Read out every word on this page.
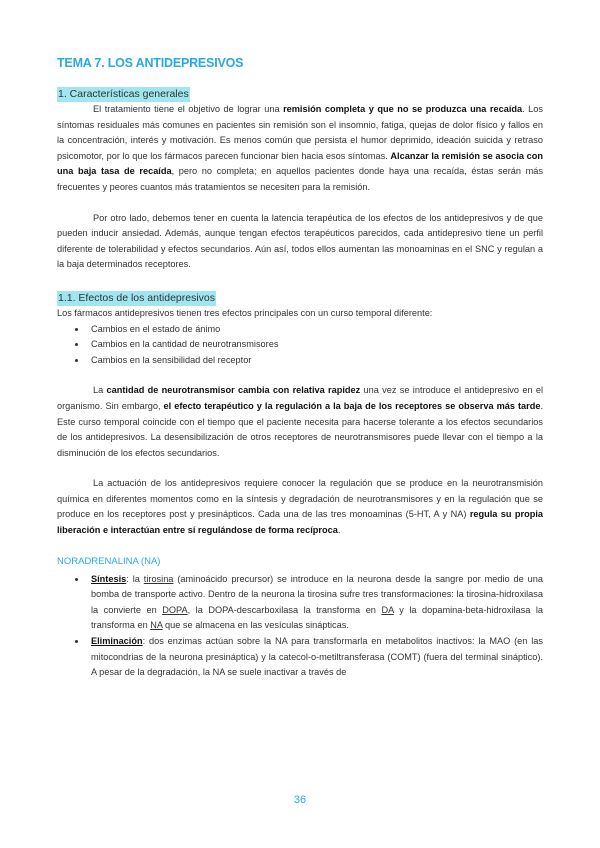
TEMA 7. LOS ANTIDEPRESIVOS
1. Características generales

El tratamiento tiene el objetivo de lograr una remisión completa y que no se produzca una recaída. Los síntomas residuales más comunes en pacientes sin remisión son el insomnio, fatiga, quejas de dolor físico y fallos en la concentración, interés y motivación. Es menos común que persista el humor deprimido, ideación suicida y retraso psicomotor, por lo que los fármacos parecen funcionar bien hacia esos síntomas. Alcanzar la remisión se asocia con una baja tasa de recaída, pero no completa; en aquellos pacientes donde haya una recaída, éstas serán más frecuentes y peores cuantos más tratamientos se necesiten para la remisión.

Por otro lado, debemos tener en cuenta la latencia terapéutica de los efectos de los antidepresivos y de que pueden inducir ansiedad. Además, aunque tengan efectos terapéuticos parecidos, cada antidepresivo tiene un perfil diferente de tolerabilidad y efectos secundarios. Aún así, todos ellos aumentan las monoaminas en el SNC y regulan a la baja determinados receptores.

1.1. Efectos de los antidepresivos

Los fármacos antidepresivos tienen tres efectos principales con un curso temporal diferente:

• Cambios en el estado de ánimo
• Cambios en la cantidad de neurotransmisores
• Cambios en la sensibilidad del receptor

La cantidad de neurotransmisor cambia con relativa rapidez una vez se introduce el antidepresivo en el organismo. Sin embargo, el efecto terapéutico y la regulación a la baja de los receptores se observa más tarde. Este curso temporal coincide con el tiempo que el paciente necesita para hacerse tolerante a los efectos secundarios de los antidepresivos. La desensibilización de otros receptores de neurotransmisores puede llevar con el tiempo a la disminución de los efectos secundarios.

La actuación de los antidepresivos requiere conocer la regulación que se produce en la neurotransmisión química en diferentes momentos como en la síntesis y degradación de neurotransmisores y en la regulación que se produce en los receptores post y presinápticos. Cada una de las tres monoaminas (5-HT, A y NA) regula su propia liberación e interactúan entre sí regulándose de forma recíproca.

NORADRENALINA (NA)
• Síntesis: la tirosina (aminoácido precursor) se introduce en la neurona desde la sangre por medio de una bomba de transporte activo. Dentro de la neurona la tirosina sufre tres transformaciones: la tirosina-hidroxilasa la convierte en DOPA, la DOPA-descarboxilasa la transforma en DA y la dopamina-beta-hidroxilasa la transforma en NA que se almacena en las vesículas sinápticas.
• Eliminación: dos enzimas actúan sobre la NA para transformarla en metabolitos inactivos: la MAO (en las mitocondrias de la neurona presináptica) y la catecol-o-metiltransferasa (COMT) (fuera del terminal sináptico). A pesar de la degradación, la NA se suele inactivar a través de
36
